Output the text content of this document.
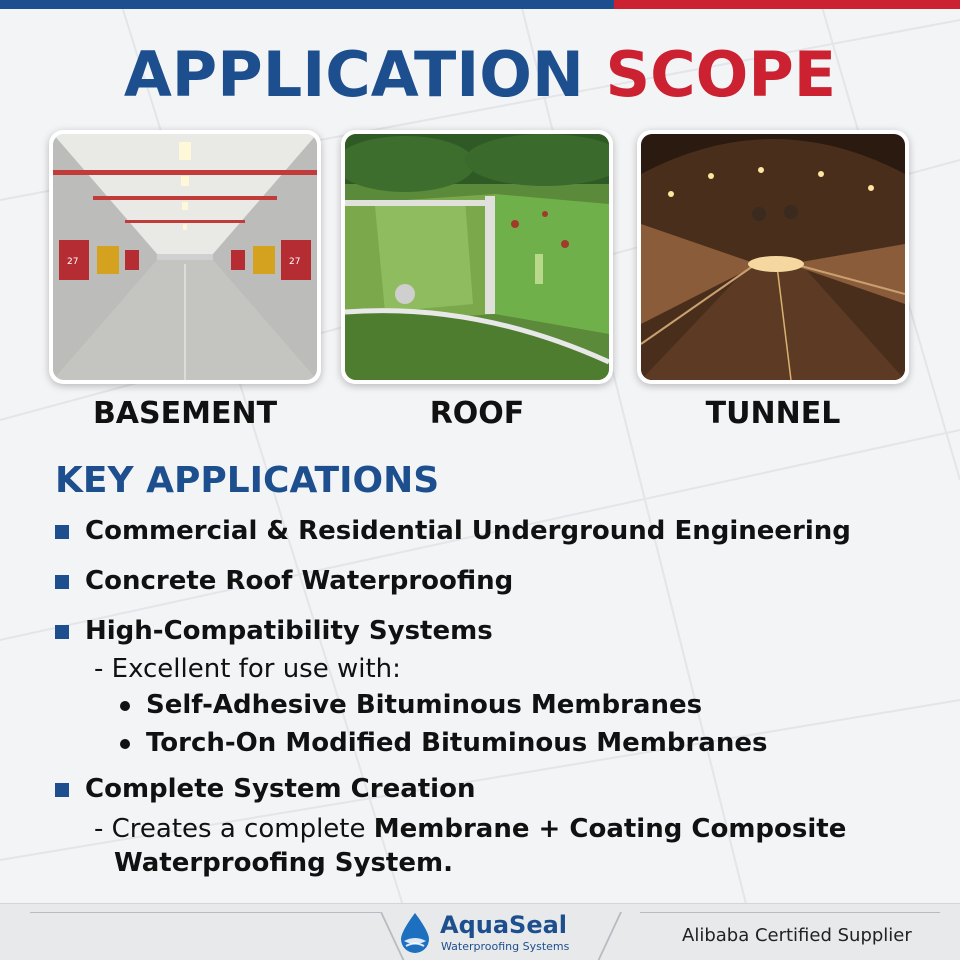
APPLICATION SCOPE
27	27
BASEMENT	ROOF	TUNNEL
KEY APPLICATIONS
Commercial & Residential Underground Engineering
Concrete Roof Waterproofing
High-Compatibility Systems
- Excellent for use with:
Self-Adhesive Bituminous Membranes
Torch-On Modified Bituminous Membranes
Complete System Creation
- Creates a complete Membrane + Coating Composite
Waterproofing System.
AquaSeal
Waterproofing Systems
Alibaba Certified Supplier
